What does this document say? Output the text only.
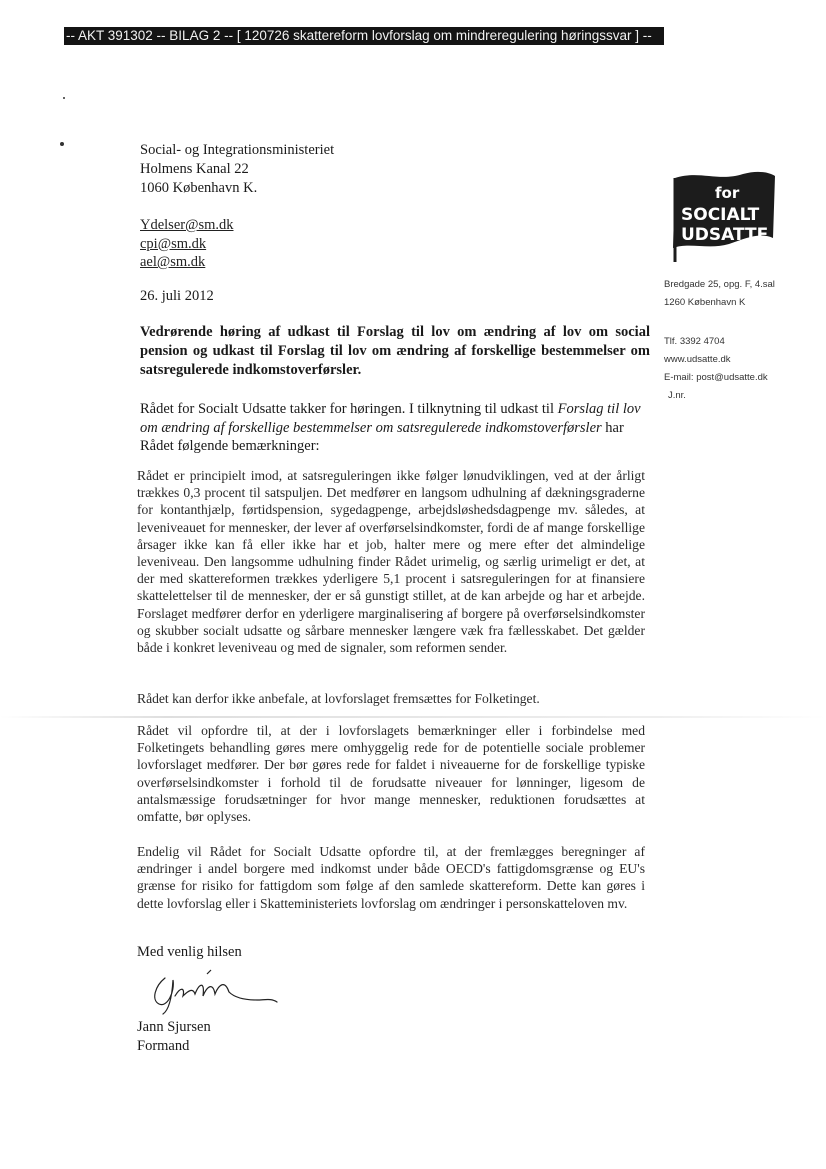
-- AKT 391302 -- BILAG 2 -- [ 120726 skattereform lovforslag om mindreregulering høringssvar ] --
Social- og Integrationsministeriet
Holmens Kanal 22
1060 København K.
Ydelser@sm.dk
cpi@sm.dk
ael@sm.dk
26. juli 2012
Vedrørende høring af udkast til Forslag til lov om ændring af lov om social pension og udkast til Forslag til lov om ændring af forskellige bestemmelser om satsregulerede indkomstoverførsler.
Rådet for Socialt Udsatte takker for høringen. I tilknytning til udkast til Forslag til lov om ændring af forskellige bestemmelser om satsregulerede indkomstoverførsler har Rådet følgende bemærkninger:
Rådet er principielt imod, at satsreguleringen ikke følger lønudviklingen, ved at der årligt trækkes 0,3 procent til satspuljen. Det medfører en langsom udhulning af dækningsgraderne for kontanthjælp, førtidspension, sygedagpenge, arbejdsløshedsdagpenge mv. således, at leveniveauet for mennesker, der lever af overførselsindkomster, fordi de af mange forskellige årsager ikke kan få eller ikke har et job, halter mere og mere efter det almindelige leveniveau. Den langsomme udhulning finder Rådet urimelig, og særlig urimeligt er det, at der med skattereformen trækkes yderligere 5,1 procent i satsreguleringen for at finansiere skattelettelser til de mennesker, der er så gunstigt stillet, at de kan arbejde og har et arbejde. Forslaget medfører derfor en yderligere marginalisering af borgere på overførselsindkomster og skubber socialt udsatte og sårbare mennesker længere væk fra fællesskabet. Det gælder både i konkret leveniveau og med de signaler, som reformen sender.
Rådet kan derfor ikke anbefale, at lovforslaget fremsættes for Folketinget.
Rådet vil opfordre til, at der i lovforslagets bemærkninger eller i forbindelse med Folketingets behandling gøres mere omhyggelig rede for de potentielle sociale problemer lovforslaget medfører. Der bør gøres rede for faldet i niveauerne for de forskellige typiske overførselsindkomster i forhold til de forudsatte niveauer for lønninger, ligesom de antalsmæssige forudsætninger for hvor mange mennesker, reduktionen forudsættes at omfatte, bør oplyses.
Endelig vil Rådet for Socialt Udsatte opfordre til, at der fremlægges beregninger af ændringer i andel borgere med indkomst under både OECD's fattigdomsgrænse og EU's grænse for risiko for fattigdom som følge af den samlede skattereform. Dette kan gøres i dette lovforslag eller i Skatteministeriets lovforslag om ændringer i personskatteloven mv.
Med venlig hilsen
Jann Sjursen
Formand
for
SOCIALT
UDSATTE
Bredgade 25, opg. F, 4.sal
1260 København K
Tlf. 3392 4704
www.udsatte.dk
E-mail: post@udsatte.dk
J.nr.
